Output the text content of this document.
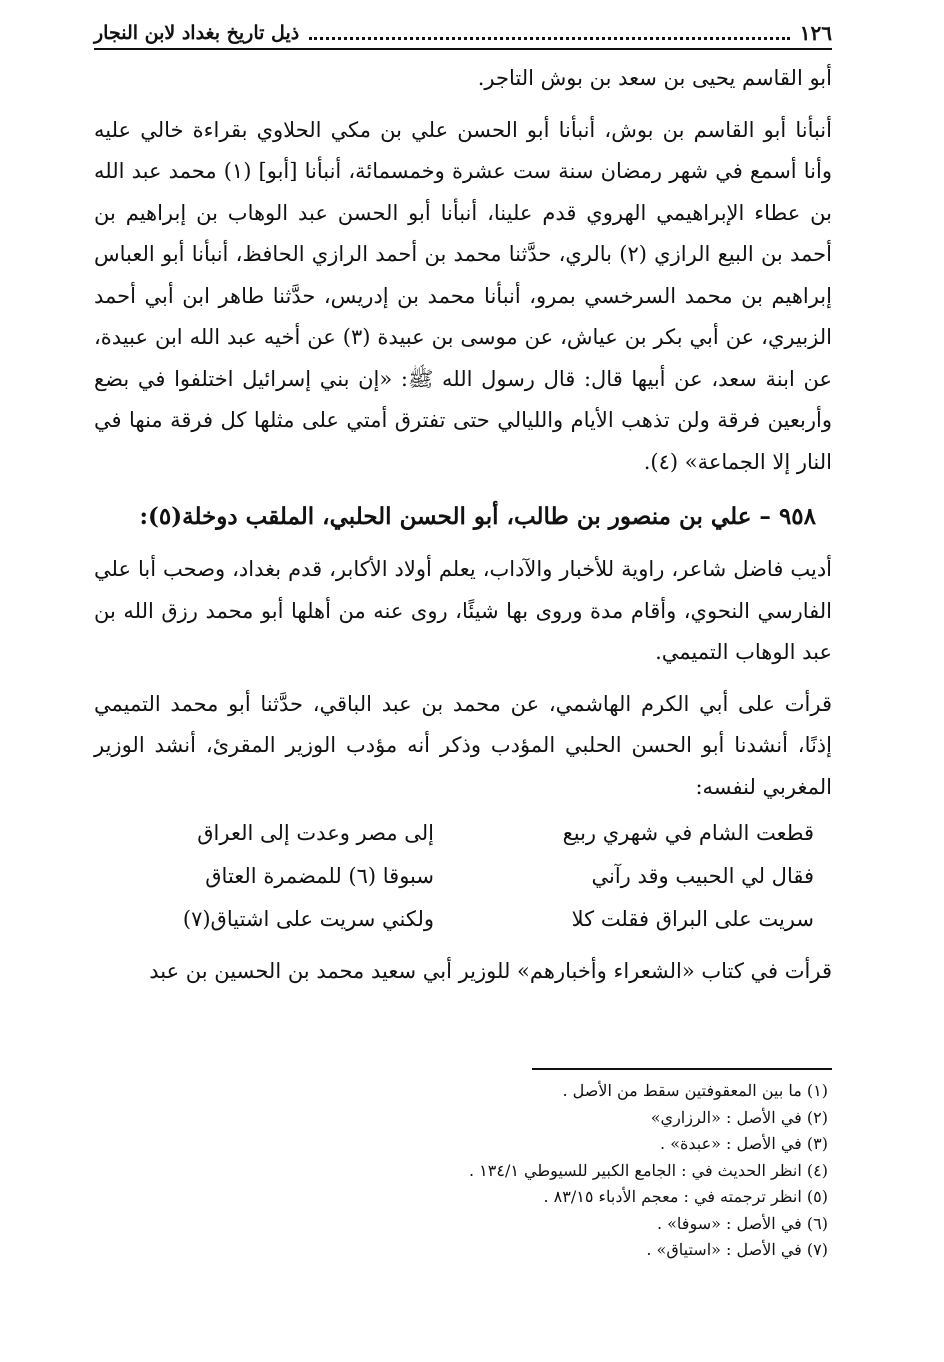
١٢٦
ذيل تاريخ بغداد لابن النجار

أبو القاسم يحيى بن سعد بن بوش التاجر.

أنبأنا أبو القاسم بن بوش، أنبأنا أبو الحسن علي بن مكي الحلاوي بقراءة خالي عليه وأنا أسمع في شهر رمضان سنة ست عشرة وخمسمائة، أنبأنا [أبو] (١) محمد عبد الله بن عطاء الإبراهيمي الهروي قدم علينا، أنبأنا أبو الحسن عبد الوهاب بن إبراهيم بن أحمد بن البيع الرازي (٢) بالري، حدَّثنا محمد بن أحمد الرازي الحافظ، أنبأنا أبو العباس إبراهيم بن محمد السرخسي بمرو، أنبأنا محمد بن إدريس، حدَّثنا طاهر ابن أبي أحمد الزبيري، عن أبي بكر بن عياش، عن موسى بن عبيدة (٣) عن أخيه عبد الله ابن عبيدة، عن ابنة سعد، عن أبيها قال: قال رسول الله ﷺ: «إن بني إسرائيل اختلفوا في بضع وأربعين فرقة ولن تذهب الأيام والليالي حتى تفترق أمتي على مثلها كل فرقة منها في النار إلا الجماعة» (٤).

٩٥٨ – علي بن منصور بن طالب، أبو الحسن الحلبي، الملقب دوخلة(٥):

أديب فاضل شاعر، راوية للأخبار والآداب، يعلم أولاد الأكابر، قدم بغداد، وصحب أبا علي الفارسي النحوي، وأقام مدة وروى بها شيئًا، روى عنه من أهلها أبو محمد رزق الله بن عبد الوهاب التميمي.

قرأت على أبي الكرم الهاشمي، عن محمد بن عبد الباقي، حدَّثنا أبو محمد التميمي إذنًا، أنشدنا أبو الحسن الحلبي المؤدب وذكر أنه مؤدب الوزير المقرئ، أنشد الوزير المغربي لنفسه:

قطعت الشام في شهري ربيع
إلى مصر وعدت إلى العراق
فقال لي الحبيب وقد رآني
سبوقا (٦) للمضمرة العتاق
سريت على البراق فقلت كلا
ولكني سريت على اشتياق(٧)

قرأت في كتاب «الشعراء وأخبارهم» للوزير أبي سعيد محمد بن الحسين بن عبد

(١) ما بين المعقوفتين سقط من الأصل .
(٢) في الأصل : «الرزاري»
(٣) في الأصل : «عبدة» .
(٤) انظر الحديث في : الجامع الكبير للسيوطي ١٣٤/١ .
(٥) انظر ترجمته في : معجم الأدباء ٨٣/١٥ .
(٦) في الأصل : «سوفا» .
(٧) في الأصل : «استياق» .
